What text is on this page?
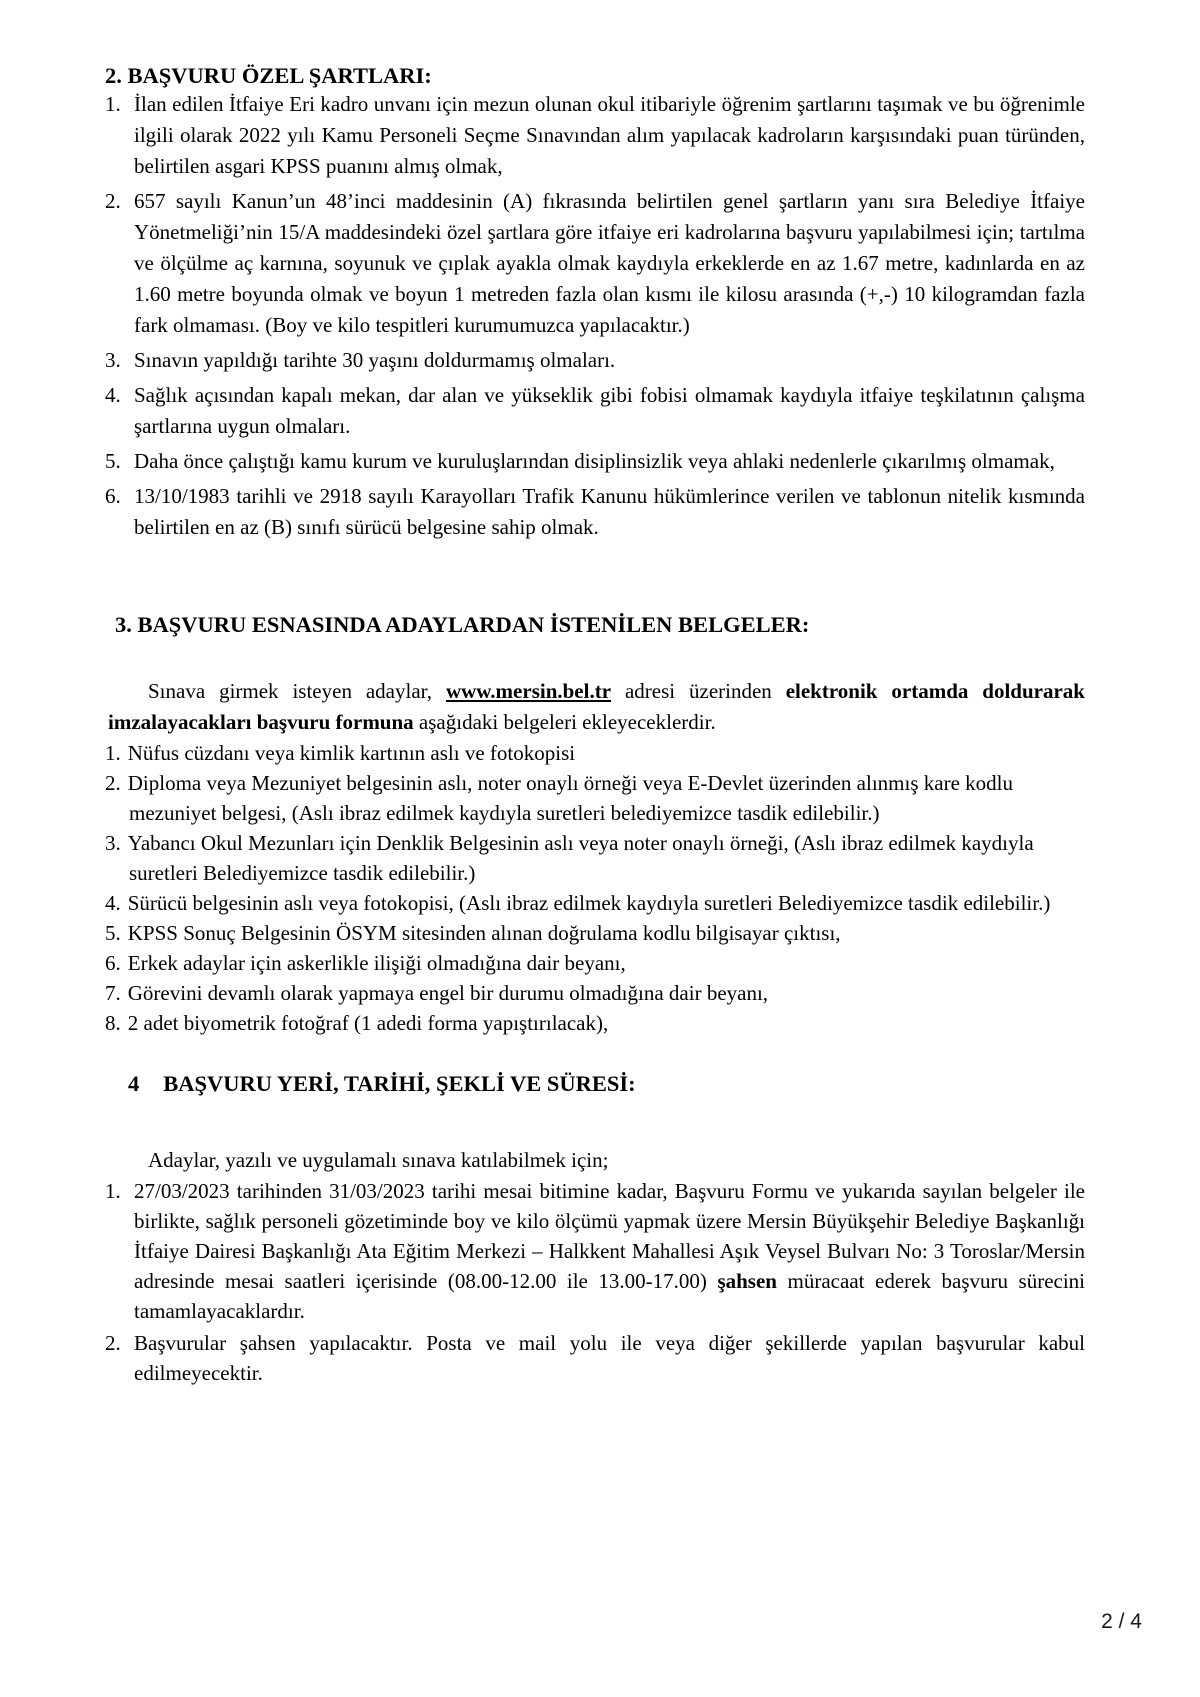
2. BAŞVURU ÖZEL ŞARTLARI:
1. İlan edilen İtfaiye Eri kadro unvanı için mezun olunan okul itibariyle öğrenim şartlarını taşımak ve bu öğrenimle ilgili olarak 2022 yılı Kamu Personeli Seçme Sınavından alım yapılacak kadroların karşısındaki puan türünden, belirtilen asgari KPSS puanını almış olmak,
2. 657 sayılı Kanun’un 48’inci maddesinin (A) fıkrasında belirtilen genel şartların yanı sıra Belediye İtfaiye Yönetmeliği’nin 15/A maddesindeki özel şartlara göre itfaiye eri kadrolarına başvuru yapılabilmesi için; tartılma ve ölçülme aç karnına, soyunuk ve çıplak ayakla olmak kaydıyla erkeklerde en az 1.67 metre, kadınlarda en az 1.60 metre boyunda olmak ve boyun 1 metreden fazla olan kısmı ile kilosu arasında (+,-) 10 kilogramdan fazla fark olmaması. (Boy ve kilo tespitleri kurumumuzca yapılacaktır.)
3. Sınavın yapıldığı tarihte 30 yaşını doldurmamış olmaları.
4. Sağlık açısından kapalı mekan, dar alan ve yükseklik gibi fobisi olmamak kaydıyla itfaiye teşkilatının çalışma şartlarına uygun olmaları.
5. Daha önce çalıştığı kamu kurum ve kuruluşlarından disiplinsizlik veya ahlaki nedenlerle çıkarılmış olmamak,
6. 13/10/1983 tarihli ve 2918 sayılı Karayolları Trafik Kanunu hükümlerince verilen ve tablonun nitelik kısmında belirtilen en az (B) sınıfı sürücü belgesine sahip olmak.
3. BAŞVURU ESNASINDA ADAYLARDAN İSTENİLEN BELGELER:

Sınava girmek isteyen adaylar, www.mersin.bel.tr adresi üzerinden elektronik ortamda doldurarak imzalayacakları başvuru formuna aşağıdaki belgeleri ekleyeceklerdir.

1. Nüfus cüzdanı veya kimlik kartının aslı ve fotokopisi
2. Diploma veya Mezuniyet belgesinin aslı, noter onaylı örneği veya E-Devlet üzerinden alınmış kare kodlu mezuniyet belgesi, (Aslı ibraz edilmek kaydıyla suretleri belediyemizce tasdik edilebilir.)
3. Yabancı Okul Mezunları için Denklik Belgesinin aslı veya noter onaylı örneği, (Aslı ibraz edilmek kaydıyla suretleri Belediyemizce tasdik edilebilir.)
4. Sürücü belgesinin aslı veya fotokopisi, (Aslı ibraz edilmek kaydıyla suretleri Belediyemizce tasdik edilebilir.)
5. KPSS Sonuç Belgesinin ÖSYM sitesinden alınan doğrulama kodlu bilgisayar çıktısı,
6. Erkek adaylar için askerlikle ilişiği olmadığına dair beyanı,
7. Görevini devamlı olarak yapmaya engel bir durumu olmadığına dair beyanı,
8. 2 adet biyometrik fotoğraf (1 adedi forma yapıştırılacak),
4 BAŞVURU YERİ, TARİHİ, ŞEKLİ VE SÜRESİ:

Adaylar, yazılı ve uygulamalı sınava katılabilmek için;

1. 27/03/2023 tarihinden 31/03/2023 tarihi mesai bitimine kadar, Başvuru Formu ve yukarıda sayılan belgeler ile birlikte, sağlık personeli gözetiminde boy ve kilo ölçümü yapmak üzere Mersin Büyükşehir Belediye Başkanlığı İtfaiye Dairesi Başkanlığı Ata Eğitim Merkezi – Halkkent Mahallesi Aşık Veysel Bulvarı No: 3 Toroslar/Mersin adresinde mesai saatleri içerisinde (08.00-12.00 ile 13.00-17.00) şahsen müracaat ederek başvuru sürecini tamamlayacaklardır.
2. Başvurular şahsen yapılacaktır. Posta ve mail yolu ile veya diğer şekillerde yapılan başvurular kabul edilmeyecektir.
2 / 4
